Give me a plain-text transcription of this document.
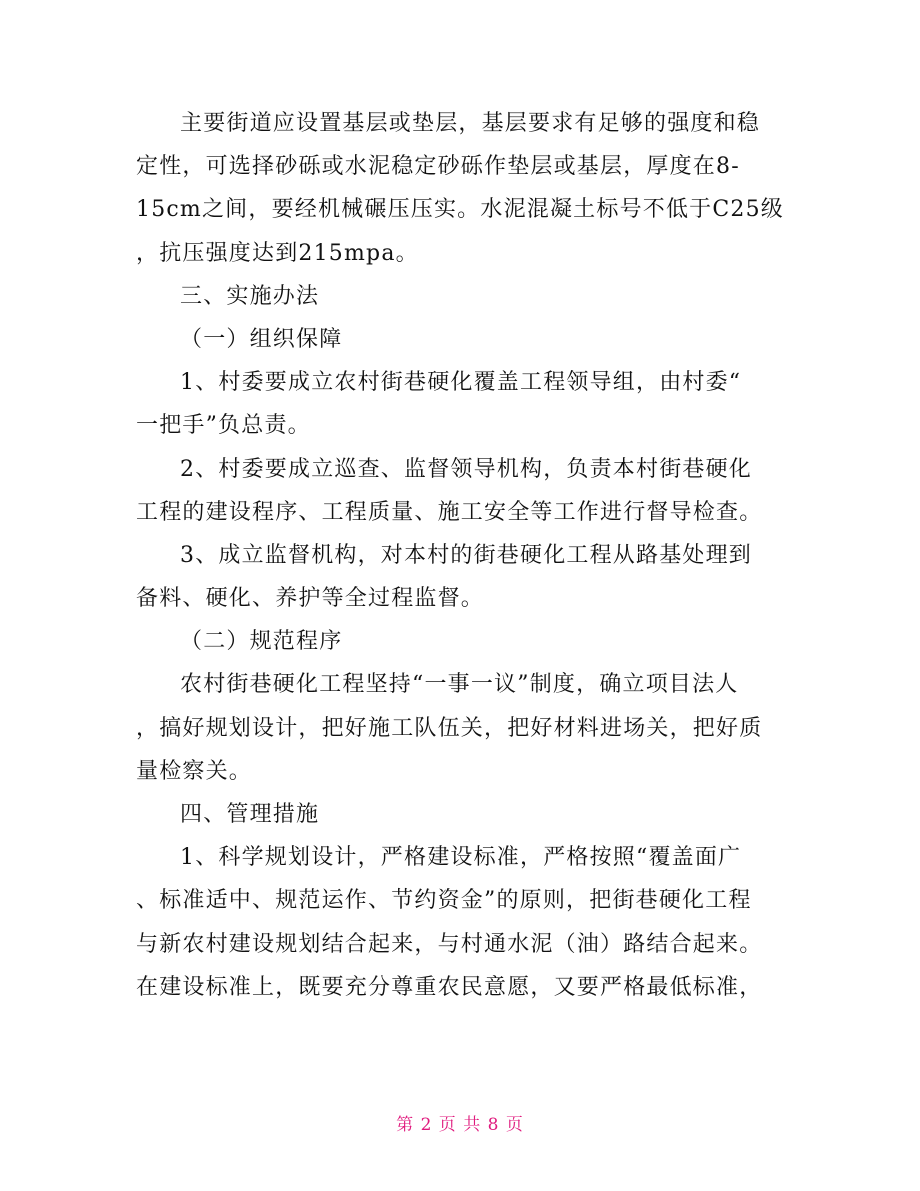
主要街道应设置基层或垫层，基层要求有足够的强度和稳
定性，可选择砂砾或水泥稳定砂砾作垫层或基层，厚度在8-
15cm之间，要经机械碾压压实。水泥混凝土标号不低于C25级
，抗压强度达到215mpa。
三、实施办法
（一）组织保障
1、村委要成立农村街巷硬化覆盖工程领导组，由村委“
一把手”负总责。
2、村委要成立巡查、监督领导机构，负责本村街巷硬化
工程的建设程序、工程质量、施工安全等工作进行督导检查。
3、成立监督机构，对本村的街巷硬化工程从路基处理到
备料、硬化、养护等全过程监督。
（二）规范程序
农村街巷硬化工程坚持“一事一议”制度，确立项目法人
，搞好规划设计，把好施工队伍关，把好材料进场关，把好质
量检察关。
四、管理措施
1、科学规划设计，严格建设标准，严格按照“覆盖面广
、标准适中、规范运作、节约资金”的原则，把街巷硬化工程
与新农村建设规划结合起来，与村通水泥（油）路结合起来。
在建设标准上，既要充分尊重农民意愿，又要严格最低标准，
第 2 页 共 8 页
